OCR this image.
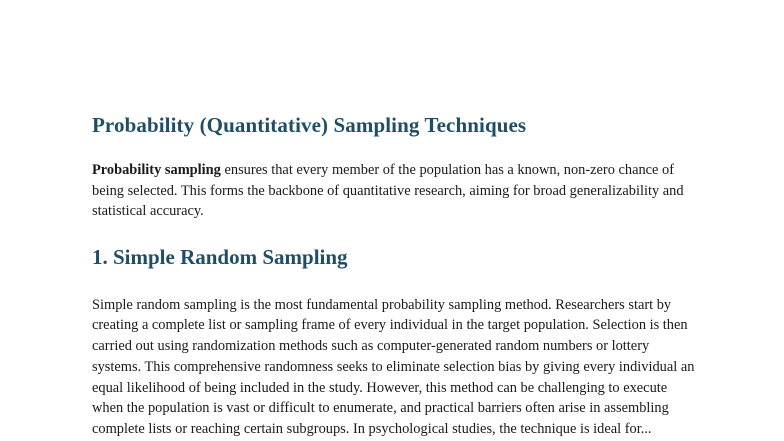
Probability (Quantitative) Sampling Techniques

Probability sampling ensures that every member of the population has a known, non-zero chance of being selected. This forms the backbone of quantitative research, aiming for broad generalizability and statistical accuracy.

1. Simple Random Sampling

Simple random sampling is the most fundamental probability sampling method. Researchers start by creating a complete list or sampling frame of every individual in the target population. Selection is then carried out using randomization methods such as computer-generated random numbers or lottery systems. This comprehensive randomness seeks to eliminate selection bias by giving every individual an equal likelihood of being included in the study. However, this method can be challenging to execute when the population is vast or difficult to enumerate, and practical barriers often arise in assembling complete lists or reaching certain subgroups. In psychological studies, the technique is ideal for...
